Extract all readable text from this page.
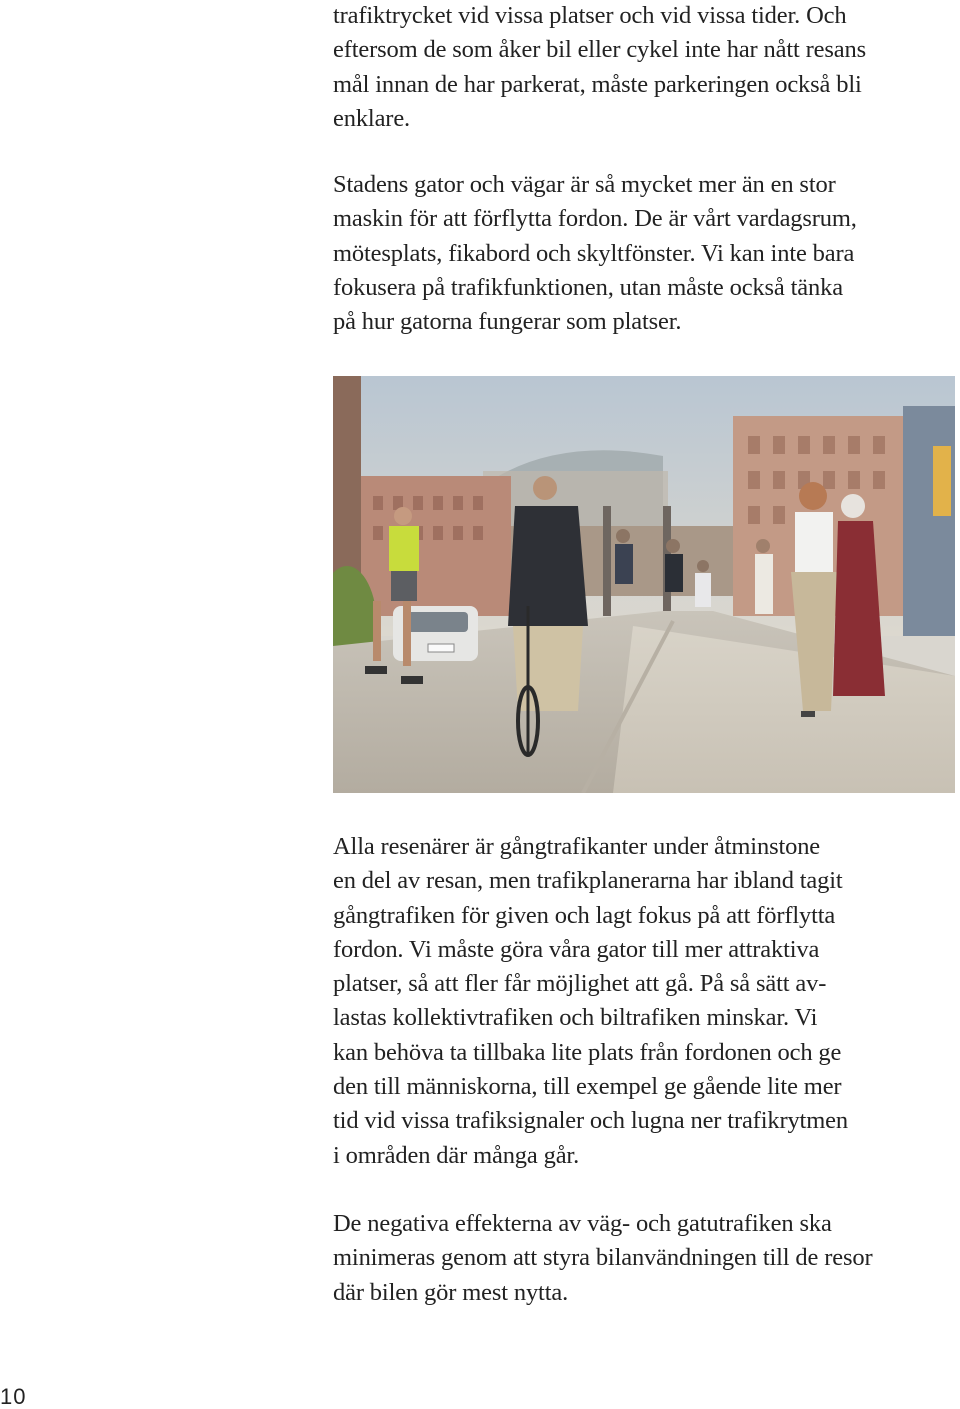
trafiktrycket vid vissa platser och vid vissa tider. Och
eftersom de som åker bil eller cykel inte har nått resans
mål innan de har parkerat, måste parkeringen också bli
enklare.
Stadens gator och vägar är så mycket mer än en stor
maskin för att förflytta fordon. De är vårt vardagsrum,
mötesplats, fikabord och skyltfönster. Vi kan inte bara
fokusera på trafikfunktionen, utan måste också tänka
på hur gatorna fungerar som platser.
Alla resenärer är gångtrafikanter under åtminstone
en del av resan, men trafikplanerarna har ibland tagit
gångtrafiken för given och lagt fokus på att förflytta
fordon. Vi måste göra våra gator till mer attraktiva
platser, så att fler får möjlighet att gå. På så sätt av-
lastas kollektivtrafiken och biltrafiken minskar. Vi
kan behöva ta tillbaka lite plats från fordonen och ge
den till människorna, till exempel ge gående lite mer
tid vid vissa trafiksignaler och lugna ner trafikrytmen
i områden där många går.
De negativa effekterna av väg- och gatutrafiken ska
minimeras genom att styra bilanvändningen till de resor
där bilen gör mest nytta.
10
